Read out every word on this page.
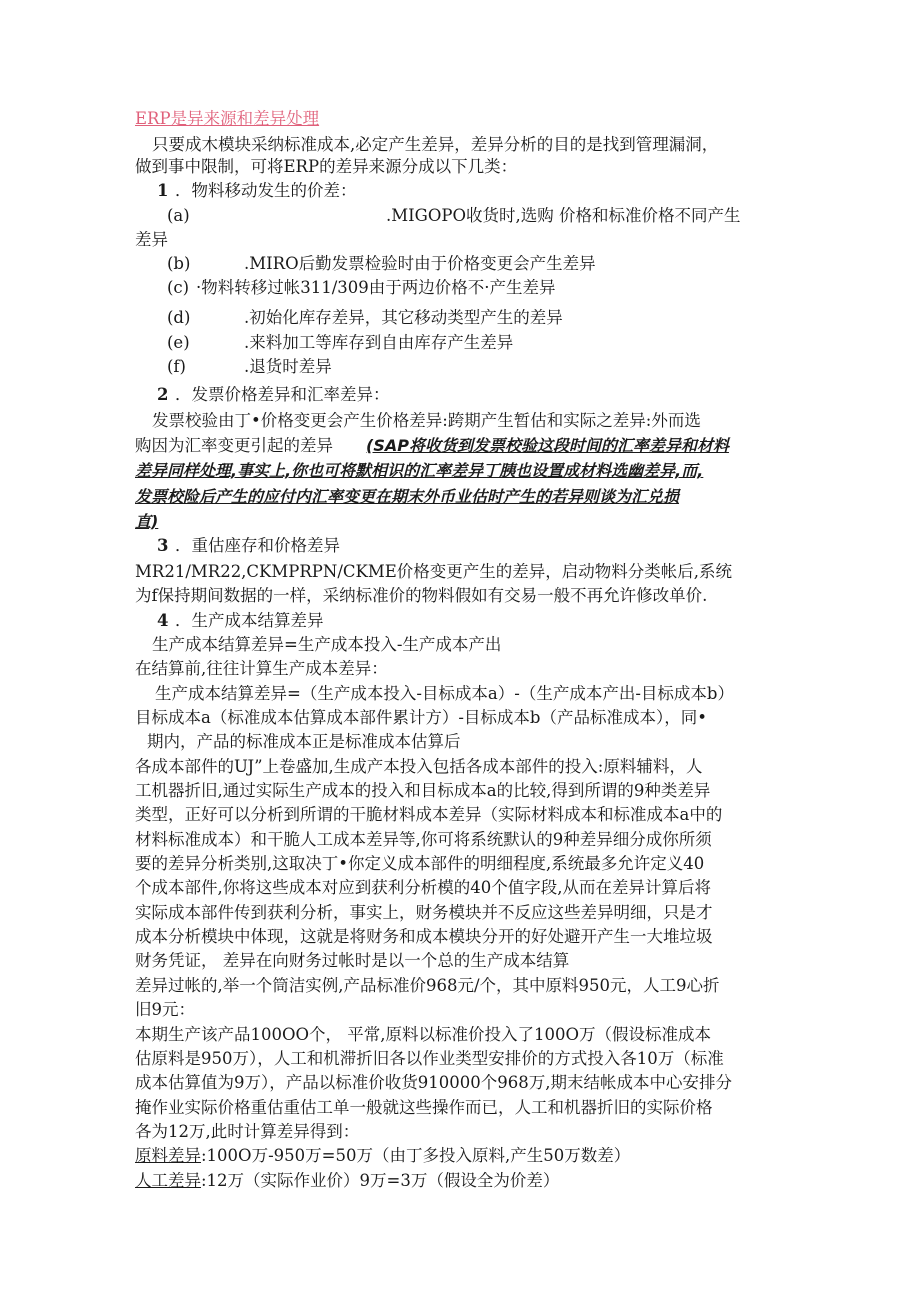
ERP是异来源和差异处理
只要成木模块采纳标准成本,必定产生差异，差异分析的目的是找到管理漏洞，
做到事中限制，可将ERP的差异来源分成以下几类：
1 ．物料移动发生的价差：
(a)	.MIGOPO收货时,选购 价格和标准价格不同产生
差异
(b)	.MIRO后勤发票检验时由于价格变更会产生差异
(c) ·物料转移过帐311/309由于两边价格不·产生差异
(d)	.初始化库存差异，其它移动类型产生的差异
(e)	.来料加工等库存到自由库存产生差异
(f)	.退货时差异
2 ．发票价格差异和汇率差异：
发票校验由丁•价格变更会产生价格差异:跨期产生暂估和实际之差异:外而选
购因为汇率变更引起的差异 (SAP将收货到发票校验这段时间的汇率差异和材料
差异同样处理,事实上,你也可将默相识的汇率差异丁胰也设置成材料选幽差异,而,
发票校险后产生的应付内汇率变更在期末外币业估时产生的若异则谈为汇兑损
直)
3 ．重估座存和价格差异
MR21/MR22,CKMPRPN/CKME价格变更产生的差异，启动物料分类帐后,系统
为f保持期间数据的一样，采纳标准价的物料假如有交易一般不再允许修改单价.
4 ．生产成本结算差异
生产成本结算差异=生产成本投入-生产成本产出
在结算前,往往计算生产成本差异：
生产成本结算差异=（生产成本投入-目标成本a）-（生产成本产出-目标成本b）
目标成本a（标准成本估算成本部件累计方）-目标成本b（产品标准成本），同•
期内，产品的标准成本正是标准成本估算后
各成本部件的UJ”上卷盛加,生成产本投入包括各成本部件的投入:原料辅料，人
工机器折旧,通过实际生产成本的投入和目标成本a的比较,得到所谓的9种类差异
类型，正好可以分析到所谓的干脆材料成本差异（实际材料成本和标准成本a中的
材料标准成本）和干脆人工成本差异等,你可将系统默认的9种差异细分成你所须
要的差异分析类别,这取决丁•你定义成本部件的明细程度,系统最多允许定义40
个成本部件,你将这些成本对应到获利分析模的40个值字段,从而在差异计算后将
实际成本部件传到获利分析，事实上，财务模块并不反应这些差异明细，只是才
成本分析模块中体现，这就是将财务和成本模块分开的好处避开产生一大堆垃圾
财务凭证， 差异在向财务过帐时是以一个总的生产成本结算
差异过帐的,举一个筒洁实例,产品标准价968元/个，其中原料950元，人工9心折
旧9元：
本期生产该产品100OO个， 平常,原料以标准价投入了100O万（假设标准成本
估原料是950万），人工和机滞折旧各以作业类型安排价的方式投入各10万（标准
成本估算值为9万），产品以标准价收货910000个968万,期末结帐成本中心安排分
掩作业实际价格重估重估工单一般就这些操作而已，人工和机器折旧的实际价格
各为12万,此时计算差异得到：
原料差异:100O万-950万=50万（由丁多投入原料,产生50万数差）
人工差异:12万（实际作业价）9万=3万（假设全为价差）
